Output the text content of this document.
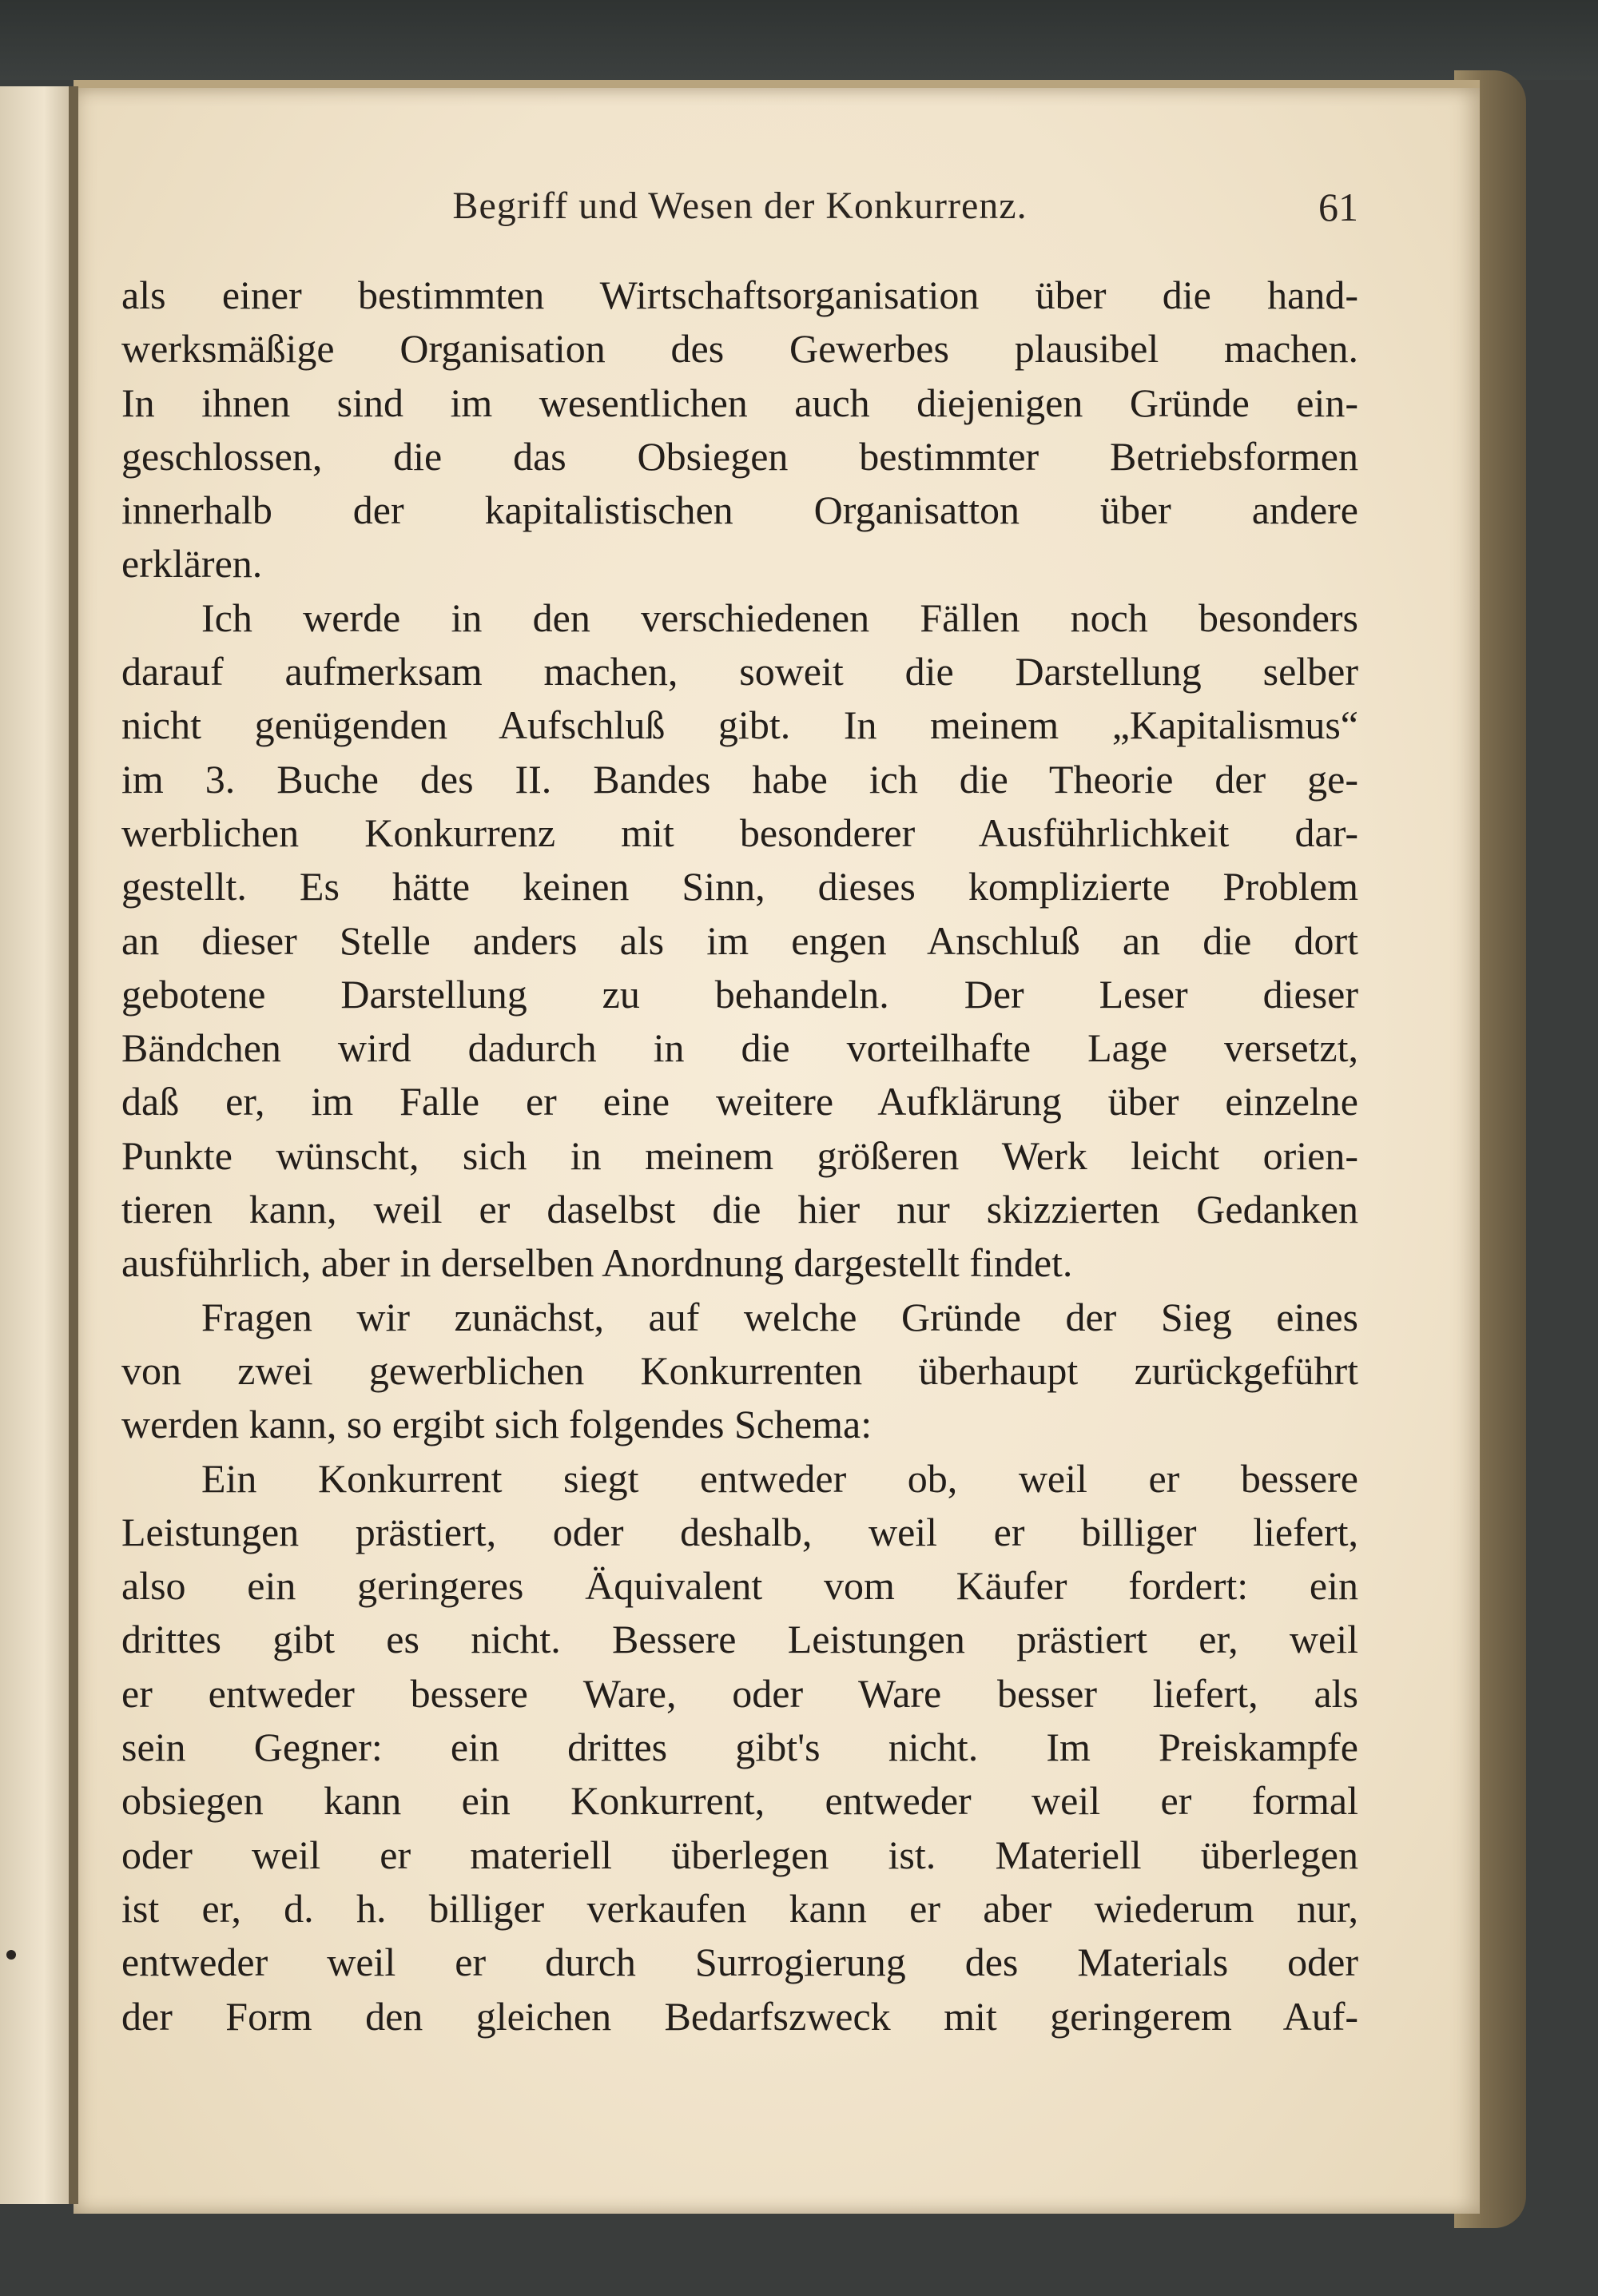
Begriff und Wesen der Konkurrenz.	61
als einer bestimmten Wirtschaftsorganisation über die hand-
werksmäßige Organisation des Gewerbes plausibel machen.
In ihnen sind im wesentlichen auch diejenigen Gründe ein-
geschlossen, die das Obsiegen bestimmter Betriebsformen
innerhalb der kapitalistischen Organisatton über andere
erklären.
Ich werde in den verschiedenen Fällen noch besonders
darauf aufmerksam machen, soweit die Darstellung selber
nicht genügenden Aufschluß gibt. In meinem „Kapitalismus“
im 3. Buche des II. Bandes habe ich die Theorie der ge-
werblichen Konkurrenz mit besonderer Ausführlichkeit dar-
gestellt. Es hätte keinen Sinn, dieses komplizierte Problem
an dieser Stelle anders als im engen Anschluß an die dort
gebotene Darstellung zu behandeln. Der Leser dieser
Bändchen wird dadurch in die vorteilhafte Lage versetzt,
daß er, im Falle er eine weitere Aufklärung über einzelne
Punkte wünscht, sich in meinem größeren Werk leicht orien-
tieren kann, weil er daselbst die hier nur skizzierten Gedanken
ausführlich, aber in derselben Anordnung dargestellt findet.
Fragen wir zunächst, auf welche Gründe der Sieg eines
von zwei gewerblichen Konkurrenten überhaupt zurückgeführt
werden kann, so ergibt sich folgendes Schema:
Ein Konkurrent siegt entweder ob, weil er bessere
Leistungen prästiert, oder deshalb, weil er billiger liefert,
also ein geringeres Äquivalent vom Käufer fordert: ein
drittes gibt es nicht. Bessere Leistungen prästiert er, weil
er entweder bessere Ware, oder Ware besser liefert, als
sein Gegner: ein drittes gibt's nicht. Im Preiskampfe
obsiegen kann ein Konkurrent, entweder weil er formal
oder weil er materiell überlegen ist. Materiell überlegen
ist er, d. h. billiger verkaufen kann er aber wiederum nur,
entweder weil er durch Surrogierung des Materials oder
der Form den gleichen Bedarfszweck mit geringerem Auf-
